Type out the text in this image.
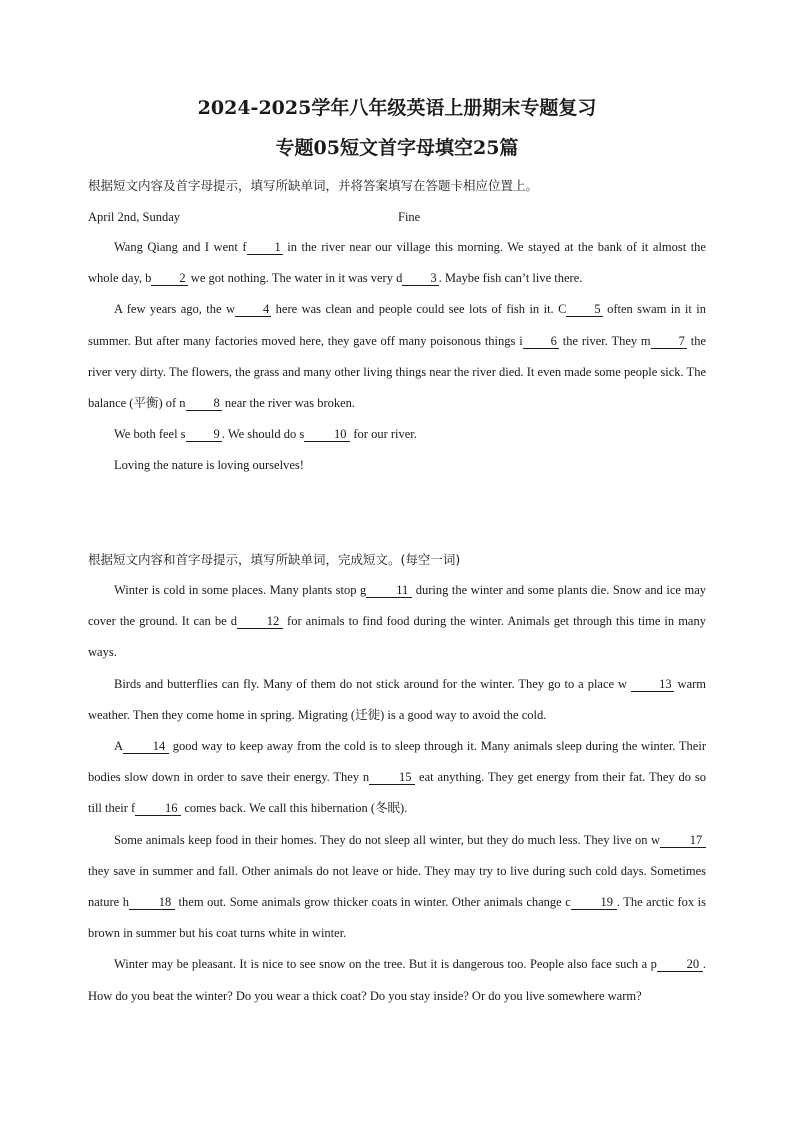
2024-2025学年八年级英语上册期末专题复习
专题05短文首字母填空25篇
根据短文内容及首字母提示，填写所缺单词，并将答案填写在答题卡相应位置上。
April 2nd, Sunday	Fine

Wang Qiang and I went f 1 in the river near our village this morning. We stayed at the bank of it almost the whole day, b 2 we got nothing. The water in it was very d 3 . Maybe fish can’t live there.

A few years ago, the w 4 here was clean and people could see lots of fish in it. C 5 often swam in it in summer. But after many factories moved here, they gave off many poisonous things i 6 the river. They m 7 the river very dirty. The flowers, the grass and many other living things near the river died. It even made some people sick. The balance (平衡) of n 8 near the river was broken.

We both feel s 9 . We should do s 10 for our river.

Loving the nature is loving ourselves!

根据短文内容和首字母提示，填写所缺单词，完成短文。(每空一词)

Winter is cold in some places. Many plants stop g 11 during the winter and some plants die. Snow and ice may cover the ground. It can be d 12 for animals to find food during the winter. Animals get through this time in many ways.

Birds and butterflies can fly. Many of them do not stick around for the winter. They go to a place w 13 warm weather. Then they come home in spring. Migrating (迁徙) is a good way to avoid the cold.

A 14 good way to keep away from the cold is to sleep through it. Many animals sleep during the winter. Their bodies slow down in order to save their energy. They n 15 eat anything. They get energy from their fat. They do so till their f 16 comes back. We call this hibernation (冬眠).

Some animals keep food in their homes. They do not sleep all winter, but they do much less. They live on w 17 they save in summer and fall. Other animals do not leave or hide. They may try to live during such cold days. Sometimes nature h 18 them out. Some animals grow thicker coats in winter. Other animals change c 19 . The arctic fox is brown in summer but his coat turns white in winter.

Winter may be pleasant. It is nice to see snow on the tree. But it is dangerous too. People also face such a p 20 . How do you beat the winter? Do you wear a thick coat? Do you stay inside? Or do you live somewhere warm?
